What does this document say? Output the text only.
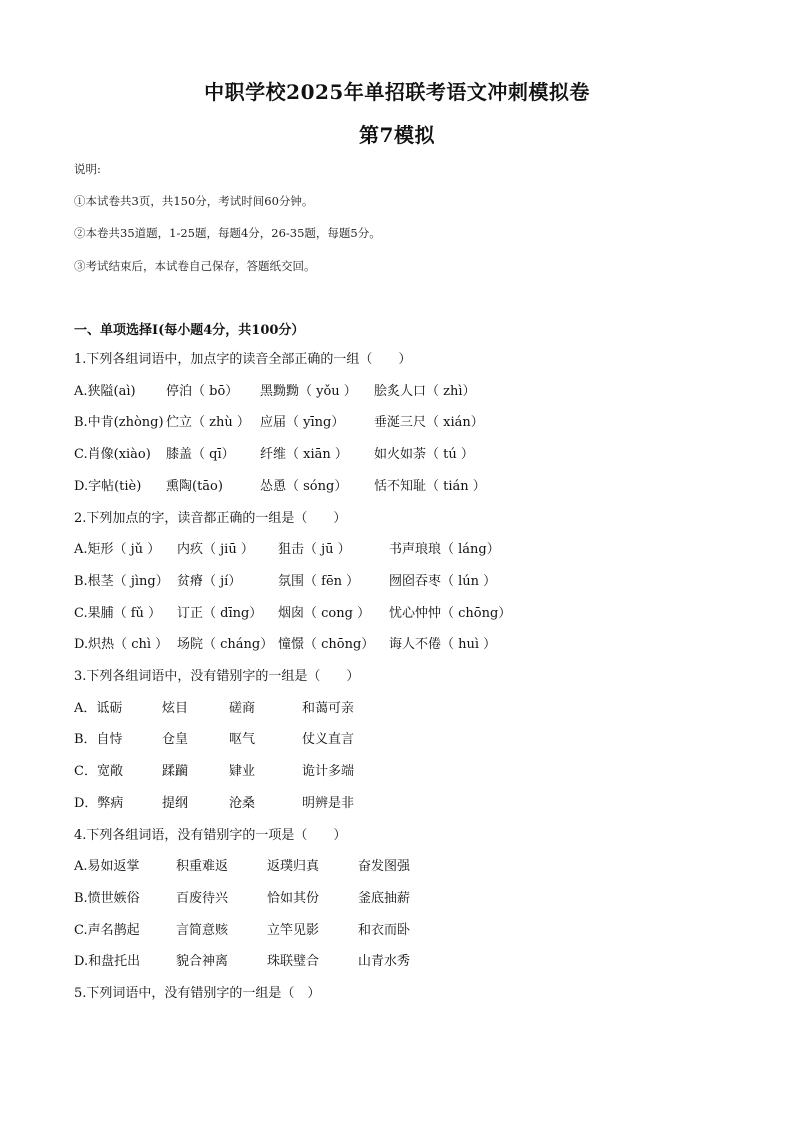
中职学校2025年单招联考语文冲刺模拟卷
第7模拟
说明:
①本试卷共3页，共150分，考试时间60分钟。
②本卷共35道题，1-25题，每题4分，26-35题，每题5分。
③考试结束后，本试卷自己保存，答题纸交回。
一、单项选择Ⅰ(每小题4分，共100分）
1.下列各组词语中，加点字的读音全部正确的一组（　　）
A.狭隘(aì) 停泊（ bō） 黑黝黝（ yǒu ） 脍炙人口（ zhì）
B.中肯(zhòng) 伫立（ zhù ） 应届（ yīng） 垂涎三尺（ xián）
C.肖像(xiào) 膝盖（ qī） 纤维（ xiān ） 如火如荼（ tú ）
D.字帖(tiè) 熏陶(tāo)	怂恿（ sóng） 恬不知耻（ tián ）
2.下列加点的字，读音都正确的一组是（　　）
A.矩形（ jǔ ） 内疚（ jiū ） 狙击（ jū ）	书声琅琅（ láng）
B.根茎（ jìng） 贫瘠（ jí）	氛围（ fēn ） 囫囵吞枣（ lún ）
C.果脯（ fǔ ） 订正（ dīng） 烟囱（ cong ） 忧心忡忡（ chōng）
D.炽热（ chì ） 场院（ cháng） 憧憬（ chōng） 诲人不倦（ huì ）
3.下列各组词语中，没有错别字的一组是（　　）
A．诋砺	炫目	磋商	和蔼可亲
B．自恃	仓皇	呕气	仗义直言
C．宽敞	蹂躏	肄业	诡计多端
D．弊病	提纲	沧桑	明辨是非
4.下列各组词语，没有错别字的一项是（　　）
A.易如返掌	积重难返	返璞归真	奋发图强
B.愤世嫉俗	百废待兴	恰如其份	釜底抽薪
C.声名鹊起	言简意赅	立竿见影	和衣而卧
D.和盘托出	貌合神离	珠联璧合	山青水秀
5.下列词语中，没有错别字的一组是（　）
